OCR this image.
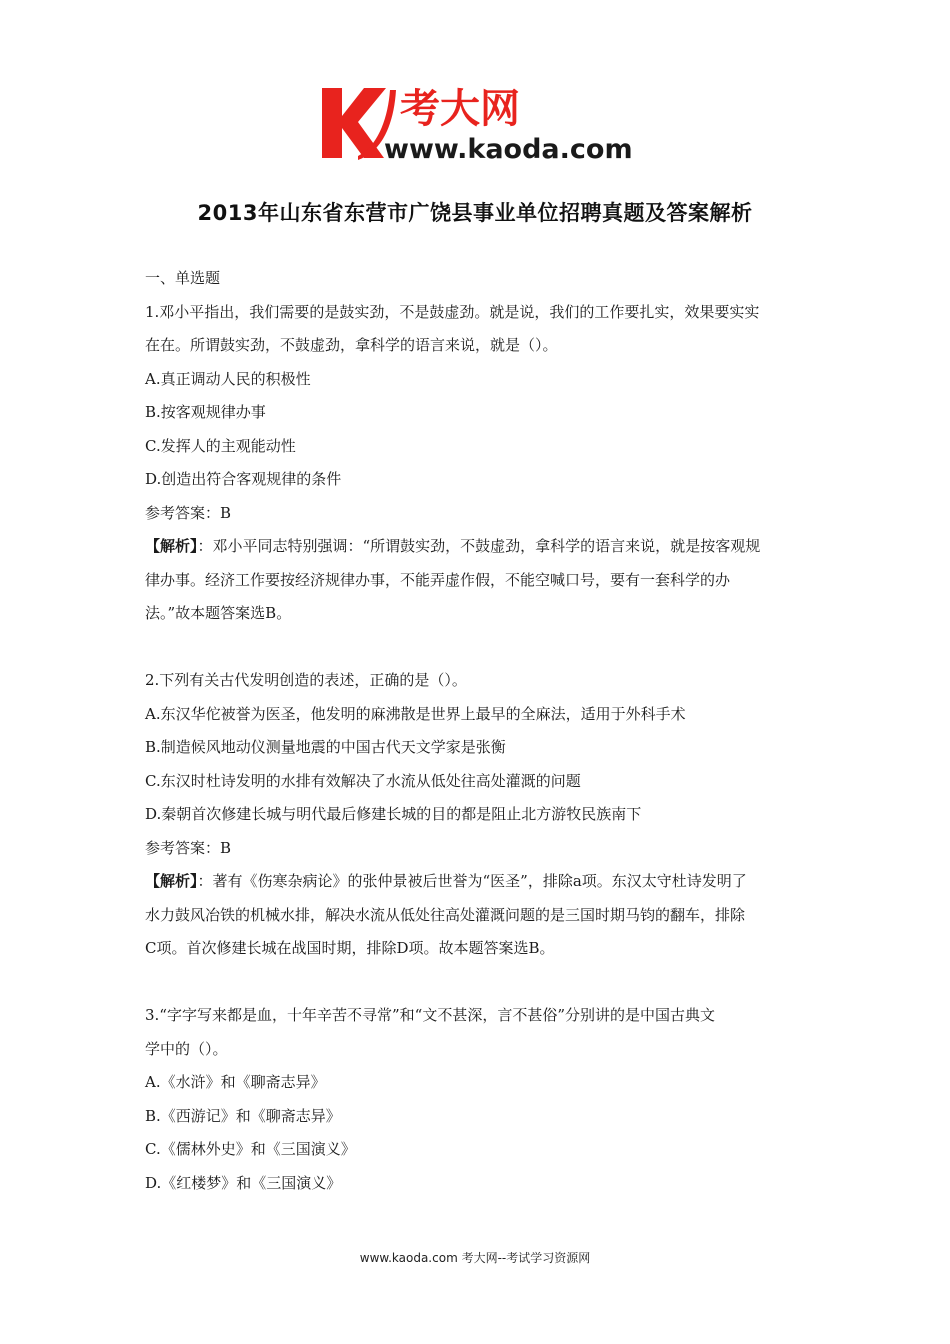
考大网
www.kaoda.com
2013年山东省东营市广饶县事业单位招聘真题及答案解析
一、单选题
1.邓小平指出，我们需要的是鼓实劲，不是鼓虚劲。就是说，我们的工作要扎实，效果要实实
在在。所谓鼓实劲，不鼓虚劲，拿科学的语言来说，就是（）。
A.真正调动人民的积极性
B.按客观规律办事
C.发挥人的主观能动性
D.创造出符合客观规律的条件
参考答案：B
【解析】：邓小平同志特别强调：“所谓鼓实劲，不鼓虚劲，拿科学的语言来说，就是按客观规
律办事。经济工作要按经济规律办事，不能弄虚作假，不能空喊口号，要有一套科学的办
法。”故本题答案选B。
2.下列有关古代发明创造的表述，正确的是（）。
A.东汉华佗被誉为医圣，他发明的麻沸散是世界上最早的全麻法，适用于外科手术
B.制造候风地动仪测量地震的中国古代天文学家是张衡
C.东汉时杜诗发明的水排有效解决了水流从低处往高处灌溉的问题
D.秦朝首次修建长城与明代最后修建长城的目的都是阻止北方游牧民族南下
参考答案：B
【解析】：著有《伤寒杂病论》的张仲景被后世誉为“医圣”，排除a项。东汉太守杜诗发明了
水力鼓风冶铁的机械水排，解决水流从低处往高处灌溉问题的是三国时期马钧的翻车，排除
C项。首次修建长城在战国时期，排除D项。故本题答案选B。
3.“字字写来都是血，十年辛苦不寻常”和“文不甚深，言不甚俗”分别讲的是中国古典文
学中的（）。
A.《水浒》和《聊斋志异》
B.《西游记》和《聊斋志异》
C.《儒林外史》和《三国演义》
D.《红楼梦》和《三国演义》
www.kaoda.com 考大网--考试学习资源网
